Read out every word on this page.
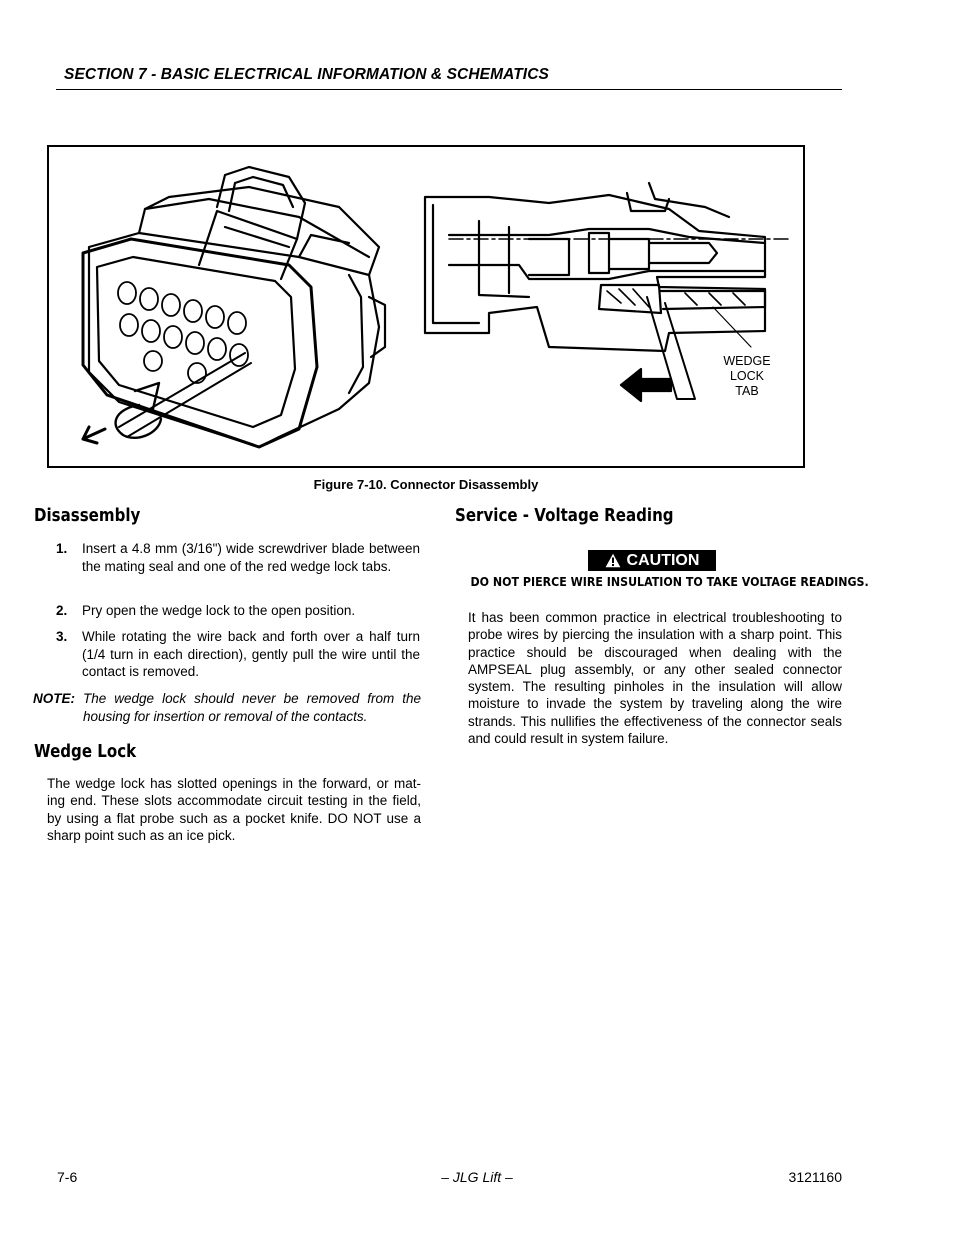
SECTION 7 - BASIC ELECTRICAL INFORMATION & SCHEMATICS
WEDGE
LOCK
TAB
Figure 7-10. Connector Disassembly
Disassembly
1. Insert a 4.8 mm (3/16") wide screwdriver blade between the mating seal and one of the red wedge lock tabs.
2. Pry open the wedge lock to the open position.
3. While rotating the wire back and forth over a half turn (1/4 turn in each direction), gently pull the wire until the contact is removed.
NOTE: The wedge lock should never be removed from the housing for insertion or removal of the contacts.
Wedge Lock
The wedge lock has slotted openings in the forward, or mat-ing end. These slots accommodate circuit testing in the field, by using a flat probe such as a pocket knife. DO NOT use a sharp point such as an ice pick.
Service - Voltage Reading
CAUTION
DO NOT PIERCE WIRE INSULATION TO TAKE VOLTAGE READINGS.
It has been common practice in electrical troubleshooting to probe wires by piercing the insulation with a sharp point. This practice should be discouraged when dealing with the AMPSEAL plug assembly, or any other sealed connector system. The resulting pinholes in the insulation will allow moisture to invade the system by traveling along the wire strands. This nullifies the effectiveness of the connector seals and could result in system failure.
7-6	– JLG Lift –	3121160
